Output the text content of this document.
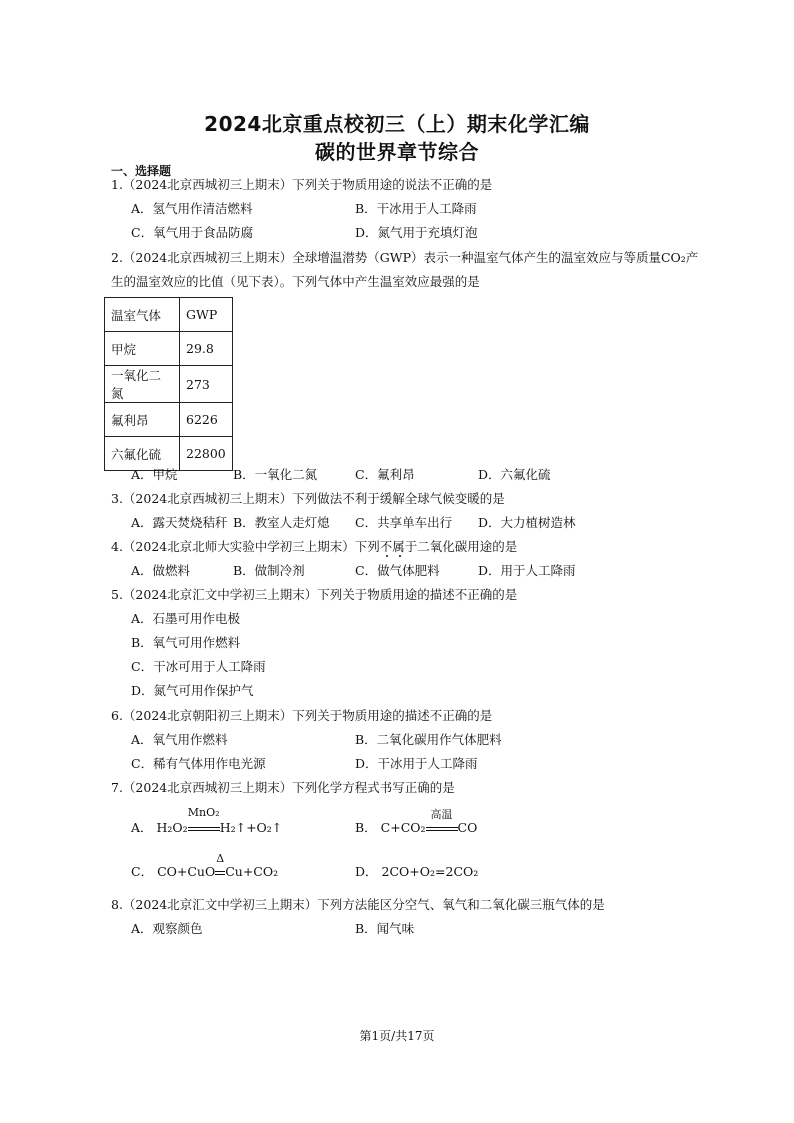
2024北京重点校初三（上）期末化学汇编
碳的世界章节综合
一、选择题
1.（2024北京西城初三上期末）下列关于物质用途的说法不正确的是
A．氢气用作清洁燃料	B．干冰用于人工降雨
C．氧气用于食品防腐	D．氮气用于充填灯泡
2.（2024北京西城初三上期末）全球增温潜势（GWP）表示一种温室气体产生的温室效应与等质量CO₂产
生的温室效应的比值（见下表）。下列气体中产生温室效应最强的是
温室气体	GWP
甲烷	29.8
一氧化二氮	273
氟利昂	6226
六氟化硫	22800
A．甲烷	B．一氧化二氮	C．氟利昂	D．六氟化硫
3.（2024北京西城初三上期末）下列做法不利于缓解全球气候变暖的是
A．露天焚烧秸秆 B．教室人走灯熄 C．共享单车出行 D．大力植树造林
4.（2024北京北师大实验中学初三上期末）下列不属于二氧化碳用途的是
A．做燃料	B．做制冷剂	C．做气体肥料	D．用于人工降雨
5.（2024北京汇文中学初三上期末）下列关于物质用途的描述不正确的是
A．石墨可用作电极
B．氧气可用作燃料
C．干冰可用于人工降雨
D．氮气可用作保护气
6.（2024北京朝阳初三上期末）下列关于物质用途的描述不正确的是
A．氧气用作燃料	B．二氧化碳用作气体肥料
C．稀有气体用作电光源	D．干冰用于人工降雨
7.（2024北京西城初三上期末）下列化学方程式书写正确的是
A． H₂O₂
MnO₂
H₂↑+O₂↑	B． C+CO₂
高温
CO
C． CO+CuO
Δ
Cu+CO₂	D． 2CO+O₂=2CO₂
8.（2024北京汇文中学初三上期末）下列方法能区分空气、氧气和二氧化碳三瓶气体的是
A．观察颜色	B．闻气味
第1页/共17页
